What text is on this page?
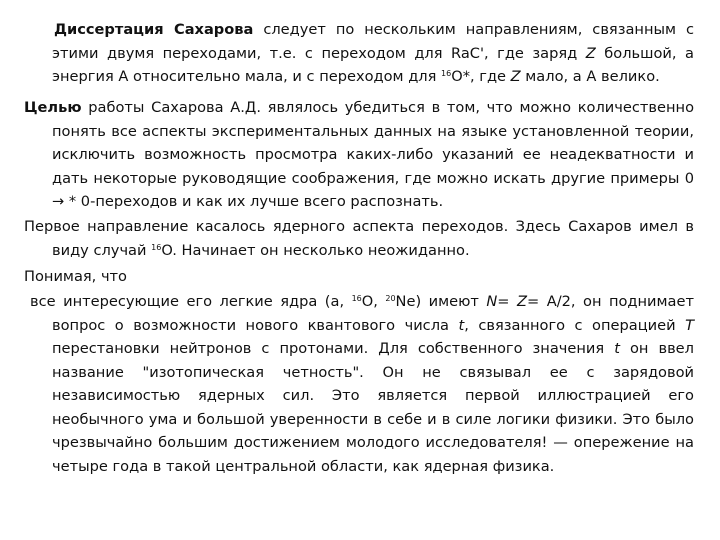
Диссертация Сахарова следует по нескольким направлениям, связанным с этими двумя переходами, т.е. с переходом для RaC', где заряд Z большой, а энергия А относительно мала, и с переходом для $^{16}$O*, где Z мало, а А велико.

Целью работы Сахарова А.Д. являлось убедиться в том, что можно количественно понять все аспекты экспериментальных данных на языке установленной теории, исключить возможность просмотра каких-либо указаний ее неадекватности и дать некоторые руководящие соображения, где можно искать другие примеры 0 → * 0-переходов и как их лучше всего распознать.

Первое направление касалось ядерного аспекта переходов. Здесь Сахаров имел в виду случай $^{16}$O. Начинает он несколько неожиданно.

Понимая, что

все интересующие его легкие ядра (а, $^{16}$O, $^{20}$Ne) имеют N= Z= A/2, он поднимает вопрос о возможности нового квантового числа t, связанного с операцией T перестановки нейтронов с протонами. Для собственного значения t он ввел название "изотопическая четность". Он не связывал ее с зарядовой независимостью ядерных сил. Это является первой иллюстрацией его необычного ума и большой уверенности в себе и в силе логики физики. Это было чрезвычайно большим достижением молодого исследователя! — опережение на четыре года в такой центральной области, как ядерная физика.
